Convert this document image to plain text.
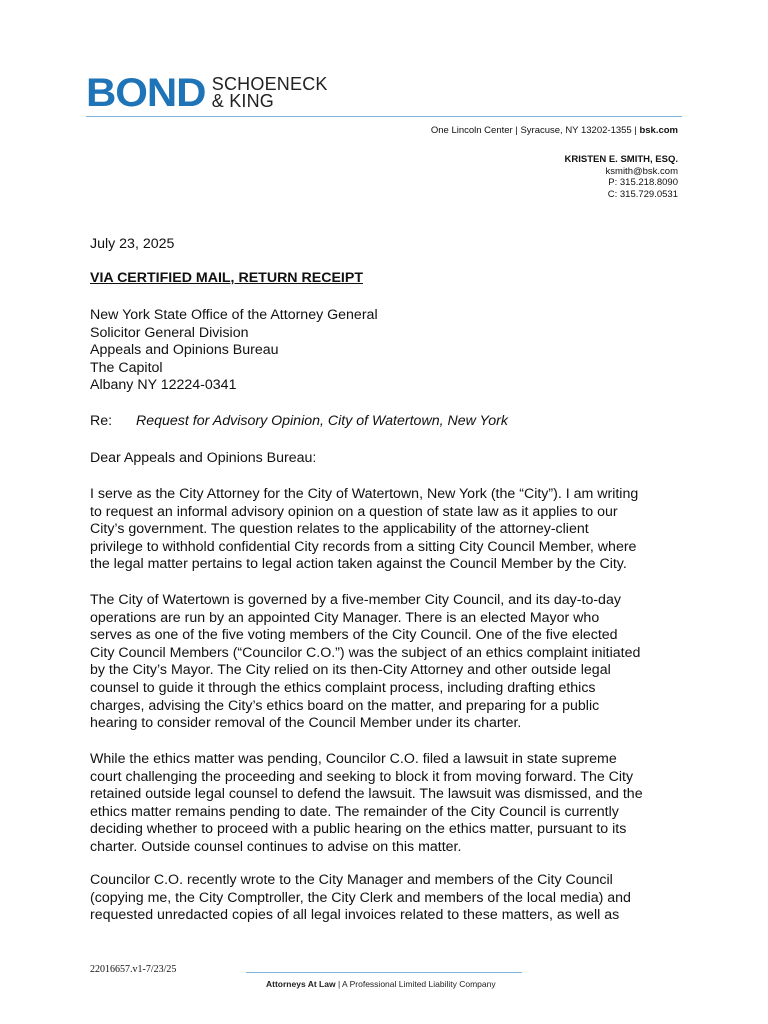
BOND SCHOENECK
& KING
One Lincoln Center | Syracuse, NY 13202-1355 | bsk.com
KRISTEN E. SMITH, ESQ.
ksmith@bsk.com
P: 315.218.8090
C: 315.729.0531
July 23, 2025
VIA CERTIFIED MAIL, RETURN RECEIPT
New York State Office of the Attorney General
Solicitor General Division
Appeals and Opinions Bureau
The Capitol
Albany NY 12224-0341
Re:	Request for Advisory Opinion, City of Watertown, New York
Dear Appeals and Opinions Bureau:
I serve as the City Attorney for the City of Watertown, New York (the “City”). I am writing
to request an informal advisory opinion on a question of state law as it applies to our
City’s government. The question relates to the applicability of the attorney-client
privilege to withhold confidential City records from a sitting City Council Member, where
the legal matter pertains to legal action taken against the Council Member by the City.
The City of Watertown is governed by a five-member City Council, and its day-to-day
operations are run by an appointed City Manager. There is an elected Mayor who
serves as one of the five voting members of the City Council. One of the five elected
City Council Members (“Councilor C.O.”) was the subject of an ethics complaint initiated
by the City’s Mayor. The City relied on its then-City Attorney and other outside legal
counsel to guide it through the ethics complaint process, including drafting ethics
charges, advising the City’s ethics board on the matter, and preparing for a public
hearing to consider removal of the Council Member under its charter.
While the ethics matter was pending, Councilor C.O. filed a lawsuit in state supreme
court challenging the proceeding and seeking to block it from moving forward. The City
retained outside legal counsel to defend the lawsuit. The lawsuit was dismissed, and the
ethics matter remains pending to date. The remainder of the City Council is currently
deciding whether to proceed with a public hearing on the ethics matter, pursuant to its
charter. Outside counsel continues to advise on this matter.
Councilor C.O. recently wrote to the City Manager and members of the City Council
(copying me, the City Comptroller, the City Clerk and members of the local media) and
requested unredacted copies of all legal invoices related to these matters, as well as
22016657.v1-7/23/25
Attorneys At Law | A Professional Limited Liability Company
